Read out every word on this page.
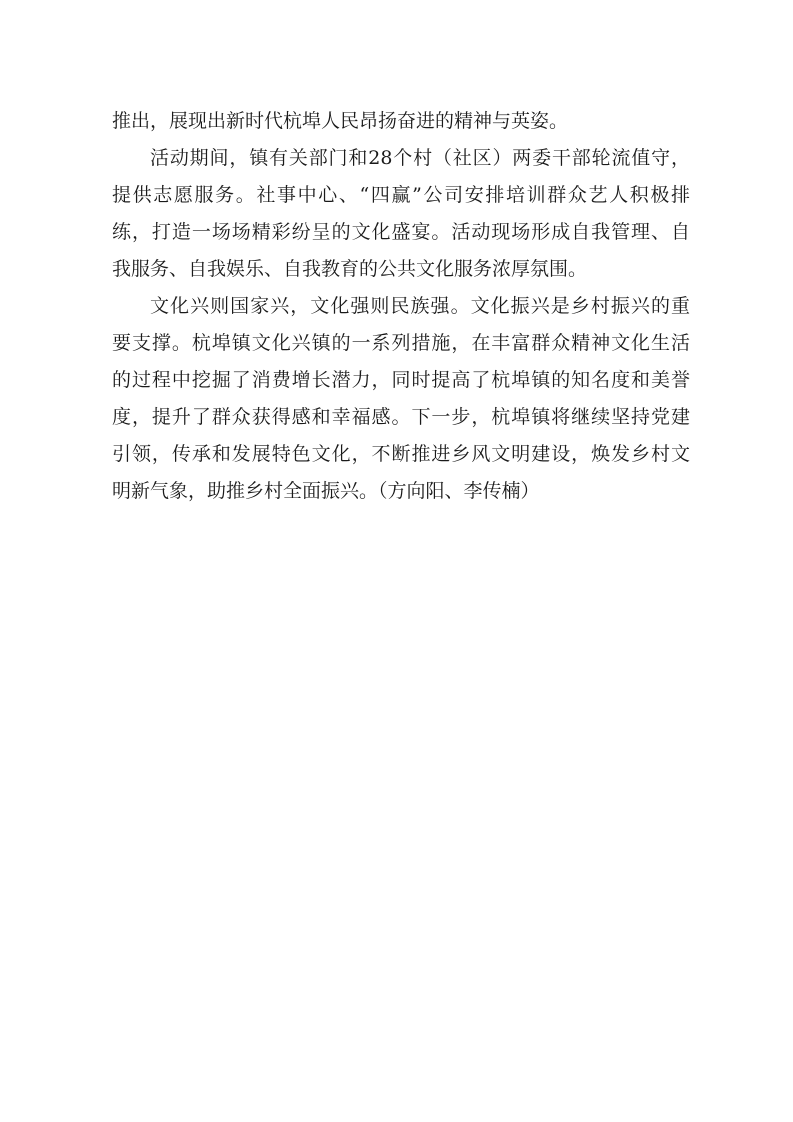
推出，展现出新时代杭埠人民昂扬奋进的精神与英姿。
活动期间，镇有关部门和28个村（社区）两委干部轮流值守，
提供志愿服务。社事中心、“四赢”公司安排培训群众艺人积极排
练，打造一场场精彩纷呈的文化盛宴。活动现场形成自我管理、自
我服务、自我娱乐、自我教育的公共文化服务浓厚氛围。
文化兴则国家兴，文化强则民族强。文化振兴是乡村振兴的重
要支撑。杭埠镇文化兴镇的一系列措施，在丰富群众精神文化生活
的过程中挖掘了消费增长潜力，同时提高了杭埠镇的知名度和美誉
度，提升了群众获得感和幸福感。下一步，杭埠镇将继续坚持党建
引领，传承和发展特色文化，不断推进乡风文明建设，焕发乡村文
明新气象，助推乡村全面振兴。（方向阳、李传楠）
